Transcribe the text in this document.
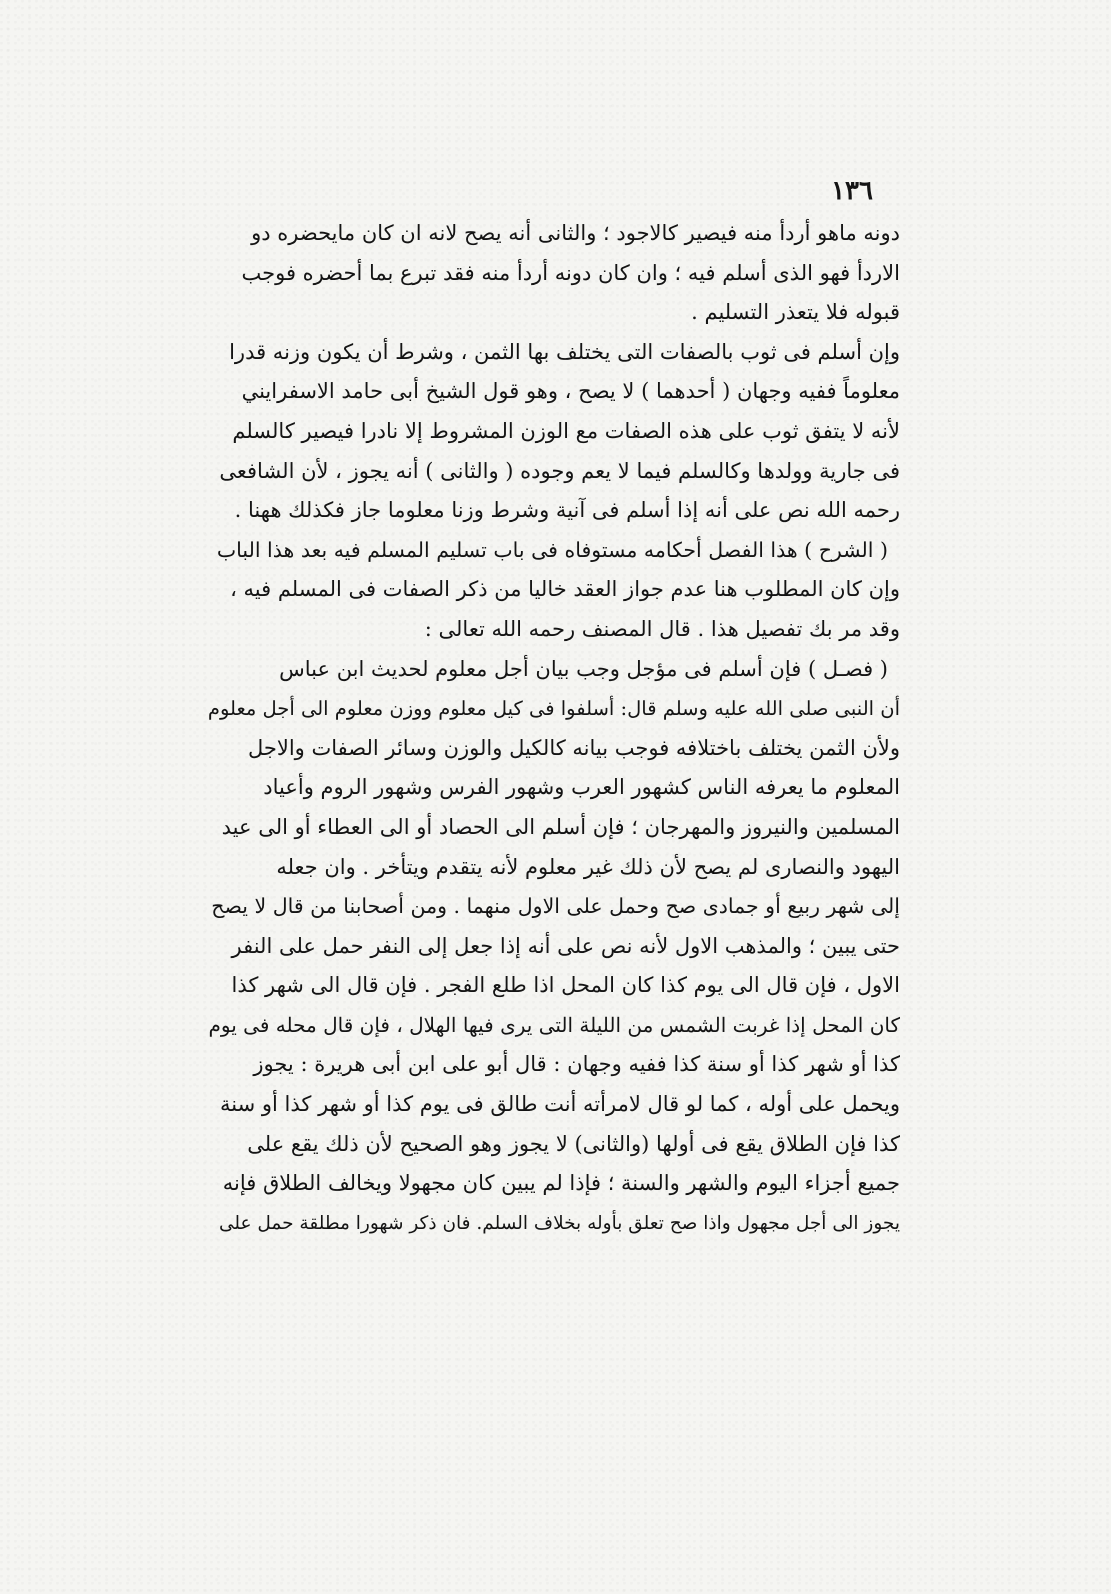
١٣٦
دونه ماهو أردأ منه فيصير كالاجود ؛ والثانى أنه يصح لانه ان كان مايحضره دو
الاردأ فهو الذى أسلم فيه ؛ وان كان دونه أردأ منه فقد تبرع بما أحضره فوجب
قبوله فلا يتعذر التسليم .
وإن أسلم فى ثوب بالصفات التى يختلف بها الثمن ، وشرط أن يكون وزنه قدرا
معلوماً ففيه وجهان ( أحدهما ) لا يصح ، وهو قول الشيخ أبى حامد الاسفرايني
لأنه لا يتفق ثوب على هذه الصفات مع الوزن المشروط إلا نادرا فيصير كالسلم
فى جارية وولدها وكالسلم فيما لا يعم وجوده ( والثانى ) أنه يجوز ، لأن الشافعى
رحمه الله نص على أنه إذا أسلم فى آنية وشرط وزنا معلوما جاز فكذلك ههنا .
( الشرح ) هذا الفصل أحكامه مستوفاه فى باب تسليم المسلم فيه بعد هذا الباب
وإن كان المطلوب هنا عدم جواز العقد خاليا من ذكر الصفات فى المسلم فيه ،
وقد مر بك تفصيل هذا . قال المصنف رحمه الله تعالى :
( فصـل ) فإن أسلم فى مؤجل وجب بيان أجل معلوم لحديث ابن عباس
أن النبى صلى الله عليه وسلم قال: أسلفوا فى كيل معلوم ووزن معلوم الى أجل معلوم
ولأن الثمن يختلف باختلافه فوجب بيانه كالكيل والوزن وسائر الصفات والاجل
المعلوم ما يعرفه الناس كشهور العرب وشهور الفرس وشهور الروم وأعياد
المسلمين والنيروز والمهرجان ؛ فإن أسلم الى الحصاد أو الى العطاء أو الى عيد
اليهود والنصارى لم يصح لأن ذلك غير معلوم لأنه يتقدم ويتأخر . وان جعله
إلى شهر ربيع أو جمادى صح وحمل على الاول منهما . ومن أصحابنا من قال لا يصح
حتى يبين ؛ والمذهب الاول لأنه نص على أنه إذا جعل إلى النفر حمل على النفر
الاول ، فإن قال الى يوم كذا كان المحل اذا طلع الفجر . فإن قال الى شهر كذا
كان المحل إذا غربت الشمس من الليلة التى يرى فيها الهلال ، فإن قال محله فى يوم
كذا أو شهر كذا أو سنة كذا ففيه وجهان : قال أبو على ابن أبى هريرة : يجوز
ويحمل على أوله ، كما لو قال لامرأته أنت طالق فى يوم كذا أو شهر كذا أو سنة
كذا فإن الطلاق يقع فى أولها (والثانى) لا يجوز وهو الصحيح لأن ذلك يقع على
جميع أجزاء اليوم والشهر والسنة ؛ فإذا لم يبين كان مجهولا ويخالف الطلاق فإنه
يجوز الى أجل مجهول واذا صح تعلق بأوله بخلاف السلم. فان ذكر شهورا مطلقة حمل على
